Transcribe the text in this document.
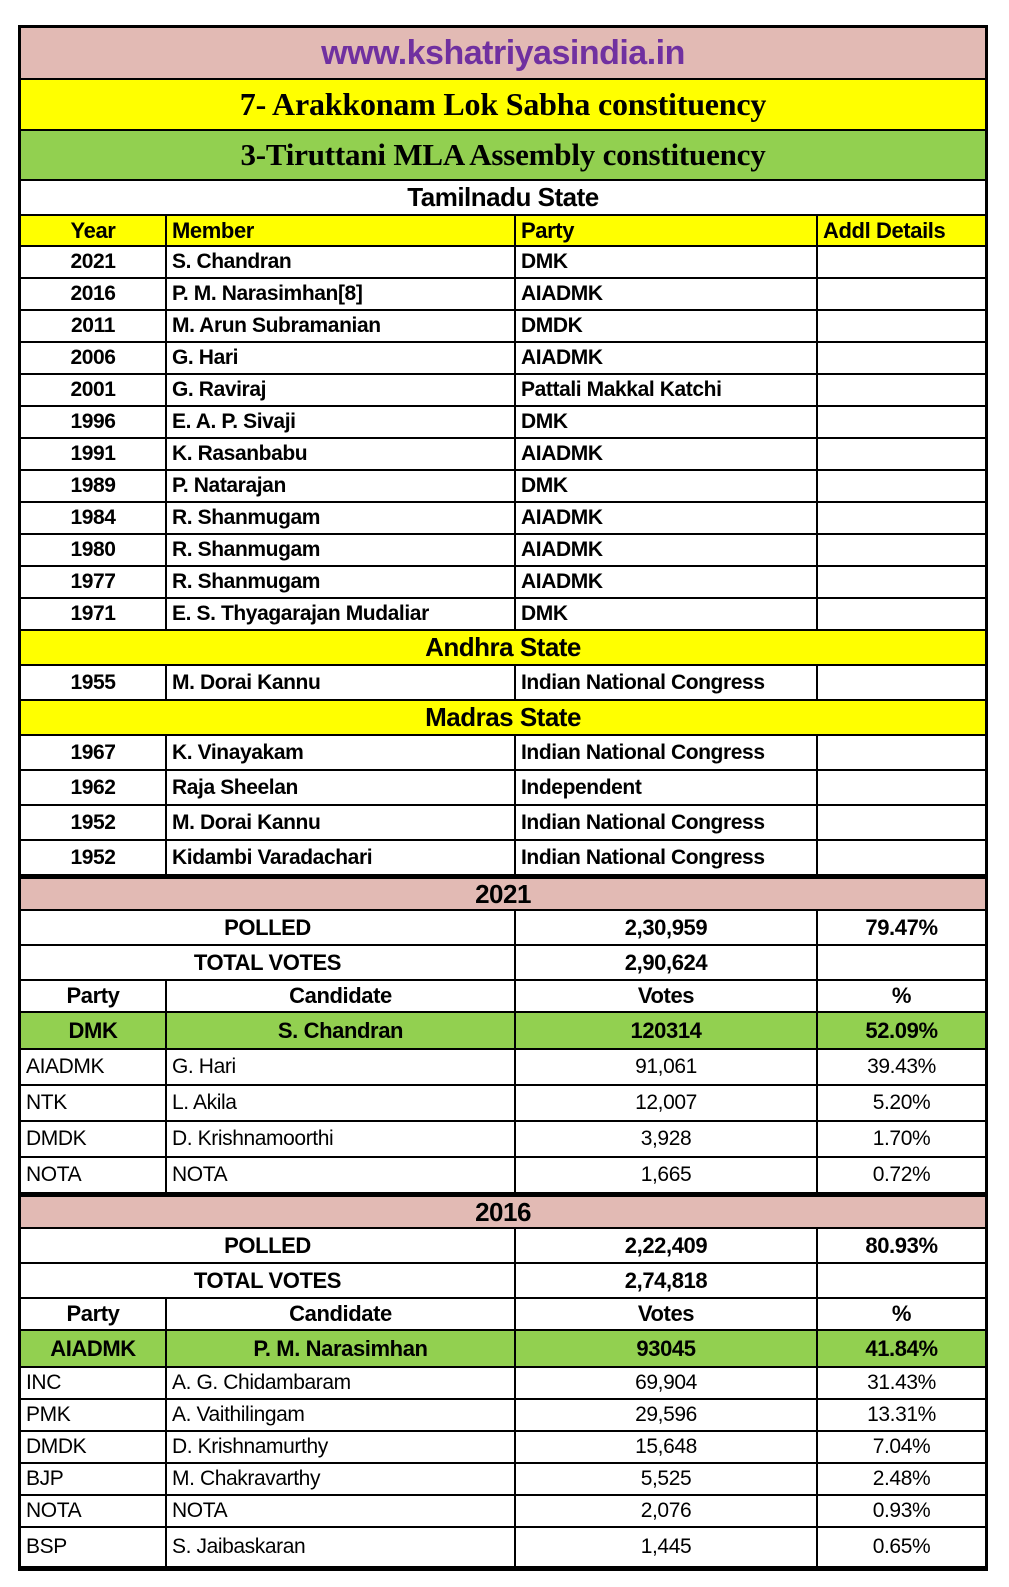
www.kshatriyasindia.in
7- Arakkonam Lok Sabha constituency
3-Tiruttani MLA Assembly constituency
Tamilnadu State
Year	Member	Party	Addl Details
2021	S. Chandran	DMK
2016	P. M. Narasimhan[8]	AIADMK
2011	M. Arun Subramanian	DMDK
2006	G. Hari	AIADMK
2001	G. Raviraj	Pattali Makkal Katchi
1996	E. A. P. Sivaji	DMK
1991	K. Rasanbabu	AIADMK
1989	P. Natarajan	DMK
1984	R. Shanmugam	AIADMK
1980	R. Shanmugam	AIADMK
1977	R. Shanmugam	AIADMK
1971	E. S. Thyagarajan Mudaliar	DMK
Andhra State
1955	M. Dorai Kannu	Indian National Congress
Madras State
1967	K. Vinayakam	Indian National Congress
1962	Raja Sheelan	Independent
1952	M. Dorai Kannu	Indian National Congress
1952	Kidambi Varadachari	Indian National Congress
2021
POLLED	2,30,959	79.47%
TOTAL VOTES	2,90,624
Party	Candidate	Votes	%
DMK	S. Chandran	120314	52.09%
AIADMK	G. Hari	91,061	39.43%
NTK	L. Akila	12,007	5.20%
DMDK	D. Krishnamoorthi	3,928	1.70%
NOTA	NOTA	1,665	0.72%
2016
POLLED	2,22,409	80.93%
TOTAL VOTES	2,74,818
Party	Candidate	Votes	%
AIADMK	P. M. Narasimhan	93045	41.84%
INC	A. G. Chidambaram	69,904	31.43%
PMK	A. Vaithilingam	29,596	13.31%
DMDK	D. Krishnamurthy	15,648	7.04%
BJP	M. Chakravarthy	5,525	2.48%
NOTA	NOTA	2,076	0.93%
BSP	S. Jaibaskaran	1,445	0.65%
